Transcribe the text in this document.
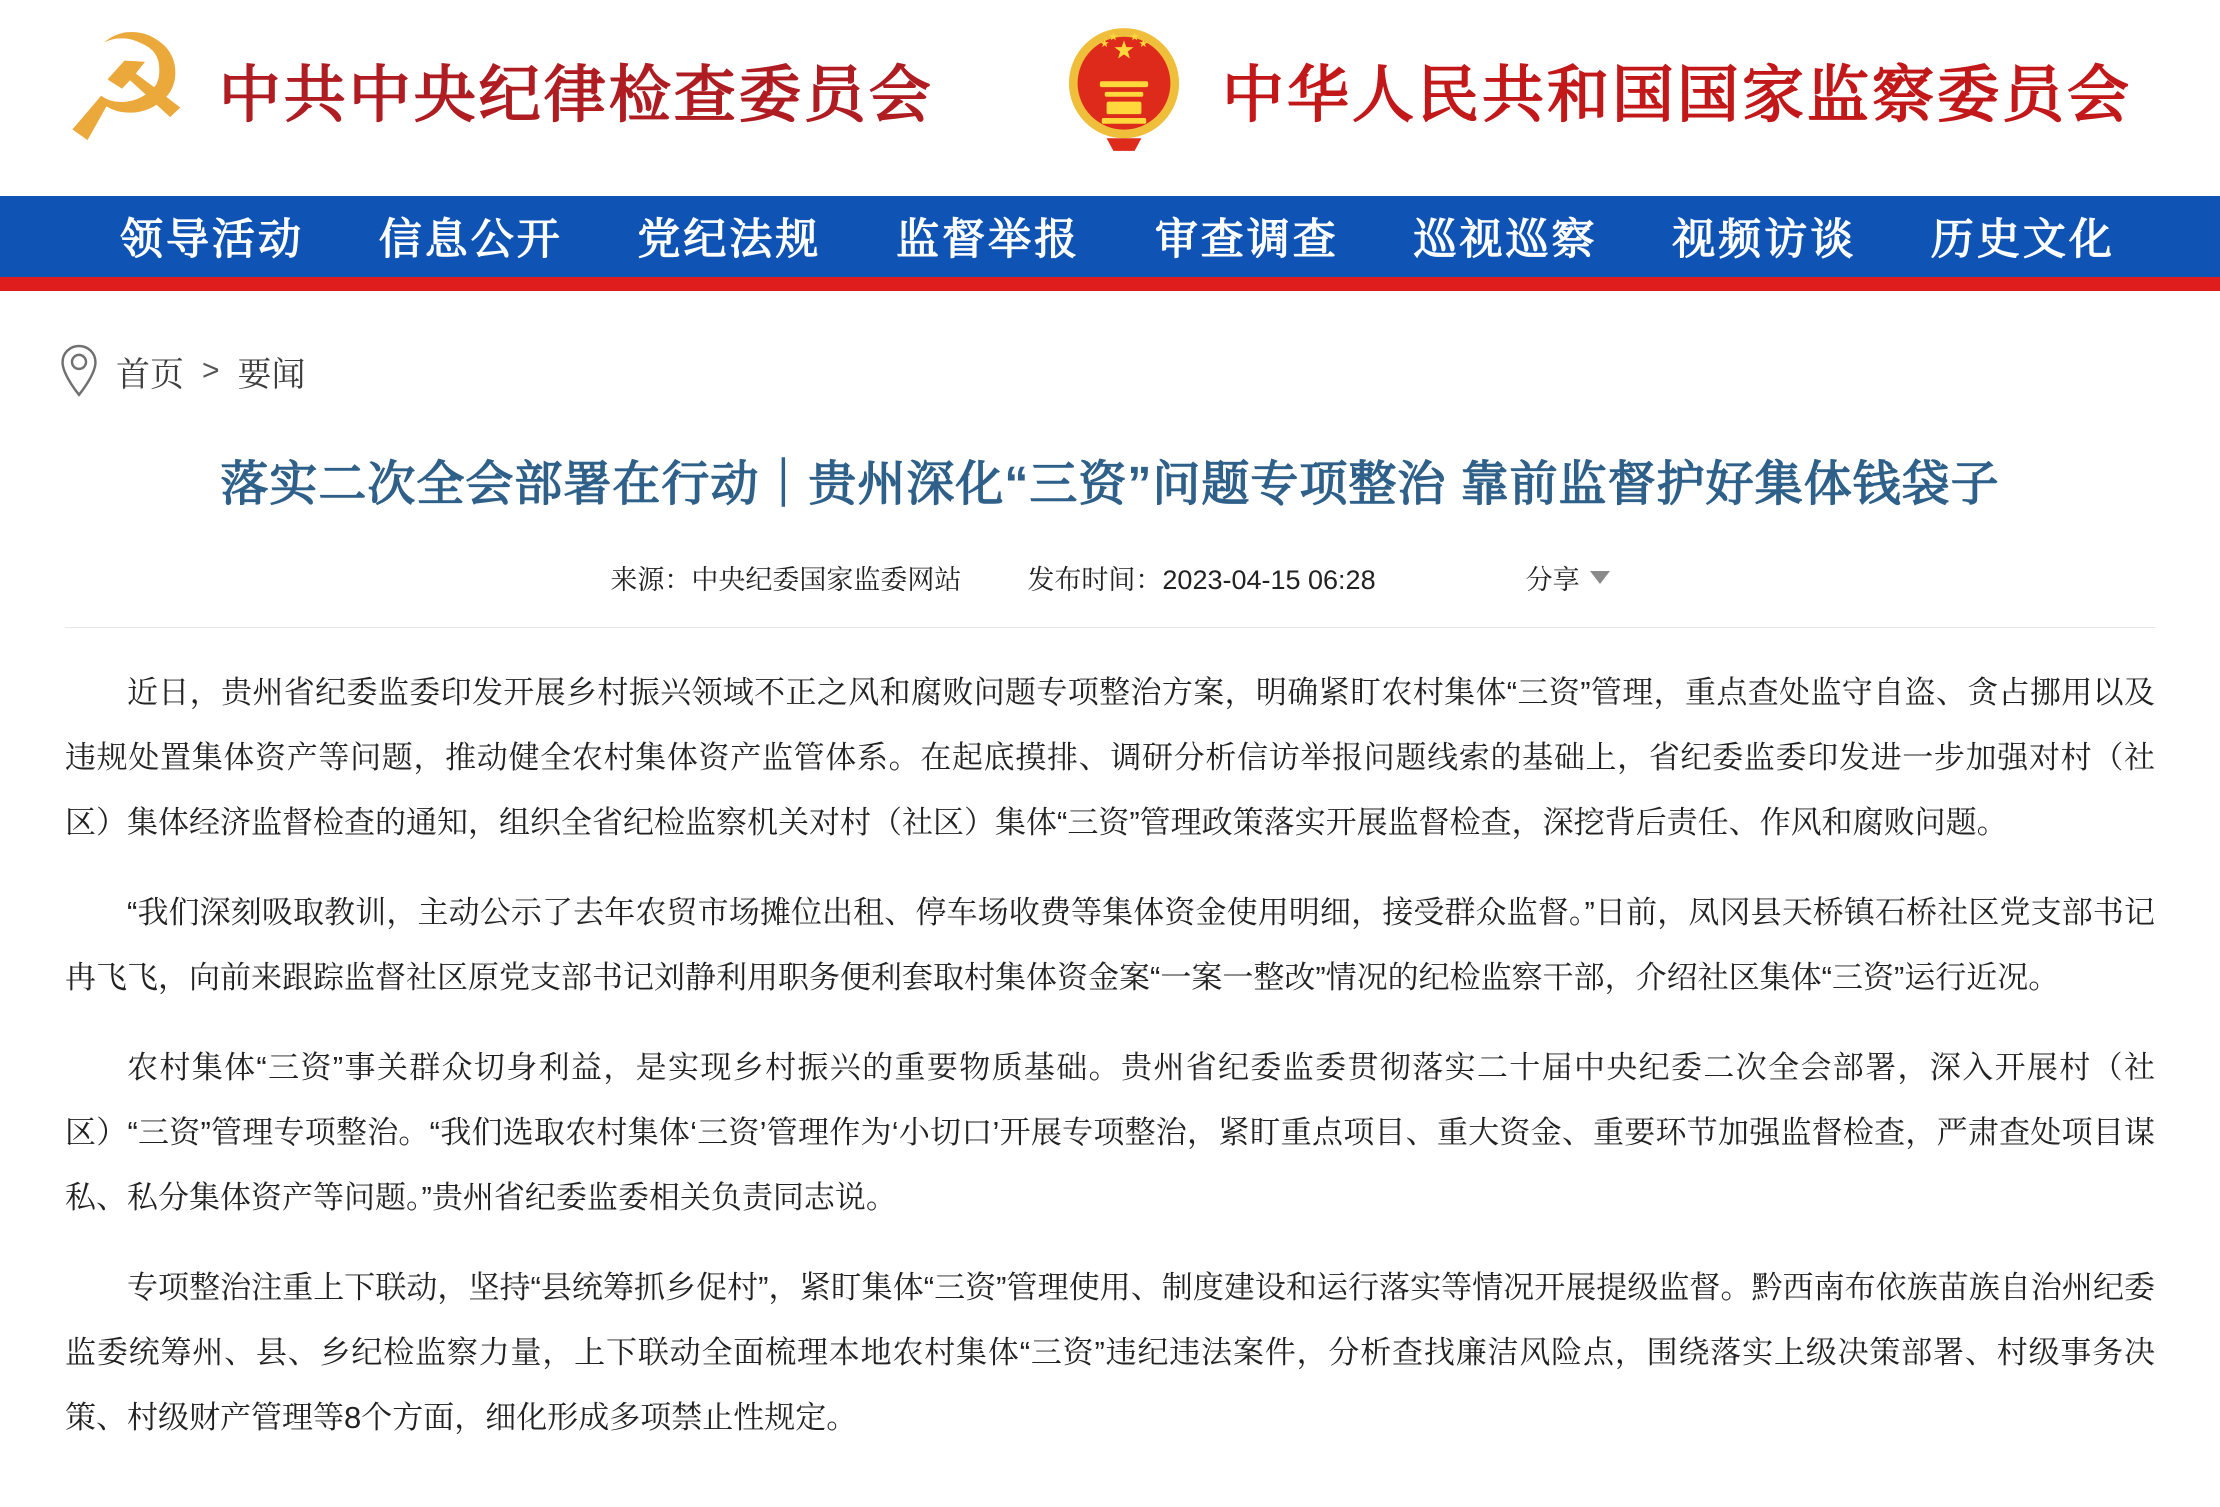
☭ 中共中央纪律检查委员会	中华人民共和国国家监察委员会
领导活动 信息公开 党纪法规 监督举报 审查调查 巡视巡察 视频访谈 历史文化
首页 > 要闻
落实二次全会部署在行动｜贵州深化“三资”问题专项整治 靠前监督护好集体钱袋子
来源：中央纪委国家监委网站 发布时间：2023-04-15 06:28	分享

近日，贵州省纪委监委印发开展乡村振兴领域不正之风和腐败问题专项整治方案，明确紧盯农村集体“三资”管理，重点查处监守自盗、贪占挪用以及违规处置集体资产等问题，推动健全农村集体资产监管体系。在起底摸排、调研分析信访举报问题线索的基础上，省纪委监委印发进一步加强对村（社区）集体经济监督检查的通知，组织全省纪检监察机关对村（社区）集体“三资”管理政策落实开展监督检查，深挖背后责任、作风和腐败问题。

“我们深刻吸取教训，主动公示了去年农贸市场摊位出租、停车场收费等集体资金使用明细，接受群众监督。”日前，凤冈县天桥镇石桥社区党支部书记冉飞飞，向前来跟踪监督社区原党支部书记刘静利用职务便利套取村集体资金案“一案一整改”情况的纪检监察干部，介绍社区集体“三资”运行近况。

农村集体“三资”事关群众切身利益，是实现乡村振兴的重要物质基础。贵州省纪委监委贯彻落实二十届中央纪委二次全会部署，深入开展村（社区）“三资”管理专项整治。“我们选取农村集体‘三资’管理作为‘小切口’开展专项整治，紧盯重点项目、重大资金、重要环节加强监督检查，严肃查处项目谋私、私分集体资产等问题。”贵州省纪委监委相关负责同志说。

专项整治注重上下联动，坚持“县统筹抓乡促村”，紧盯集体“三资”管理使用、制度建设和运行落实等情况开展提级监督。黔西南布依族苗族自治州纪委监委统筹州、县、乡纪检监察力量，上下联动全面梳理本地农村集体“三资”违纪违法案件，分析查找廉洁风险点，围绕落实上级决策部署、村级事务决策、村级财产管理等8个方面，细化形成多项禁止性规定。
